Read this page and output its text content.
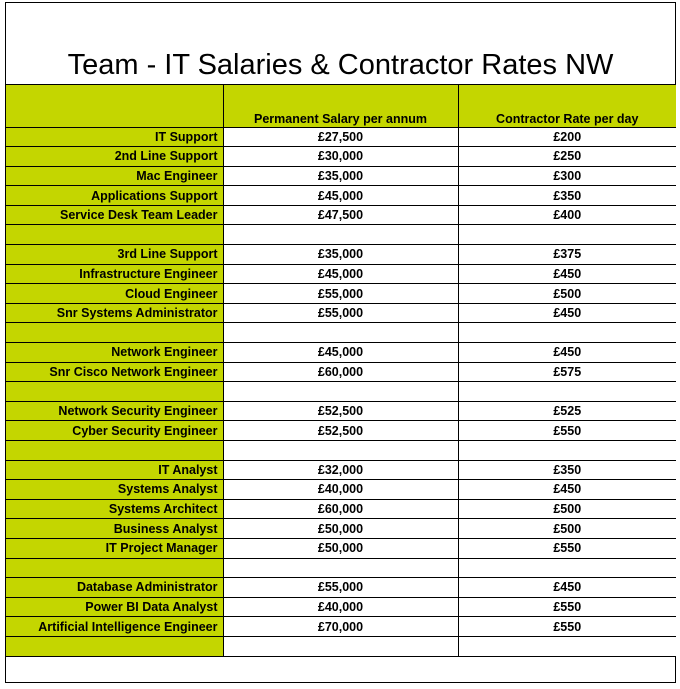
Team - IT Salaries & Contractor Rates NW
	Permanent Salary per annum	Contractor Rate per day
IT Support	£27,500	£200
2nd Line Support	£30,000	£250
Mac Engineer	£35,000	£300
Applications Support	£45,000	£350
Service Desk Team Leader	£47,500	£400

3rd Line Support	£35,000	£375
Infrastructure Engineer	£45,000	£450
Cloud Engineer	£55,000	£500
Snr Systems Administrator	£55,000	£450

Network Engineer	£45,000	£450
Snr Cisco Network Engineer	£60,000	£575

Network Security Engineer	£52,500	£525
Cyber Security Engineer	£52,500	£550

IT Analyst	£32,000	£350
Systems Analyst	£40,000	£450
Systems Architect	£60,000	£500
Business Analyst	£50,000	£500
IT Project Manager	£50,000	£550

Database Administrator	£55,000	£450
Power BI Data Analyst	£40,000	£550
Artificial Intelligence Engineer	£70,000	£550
